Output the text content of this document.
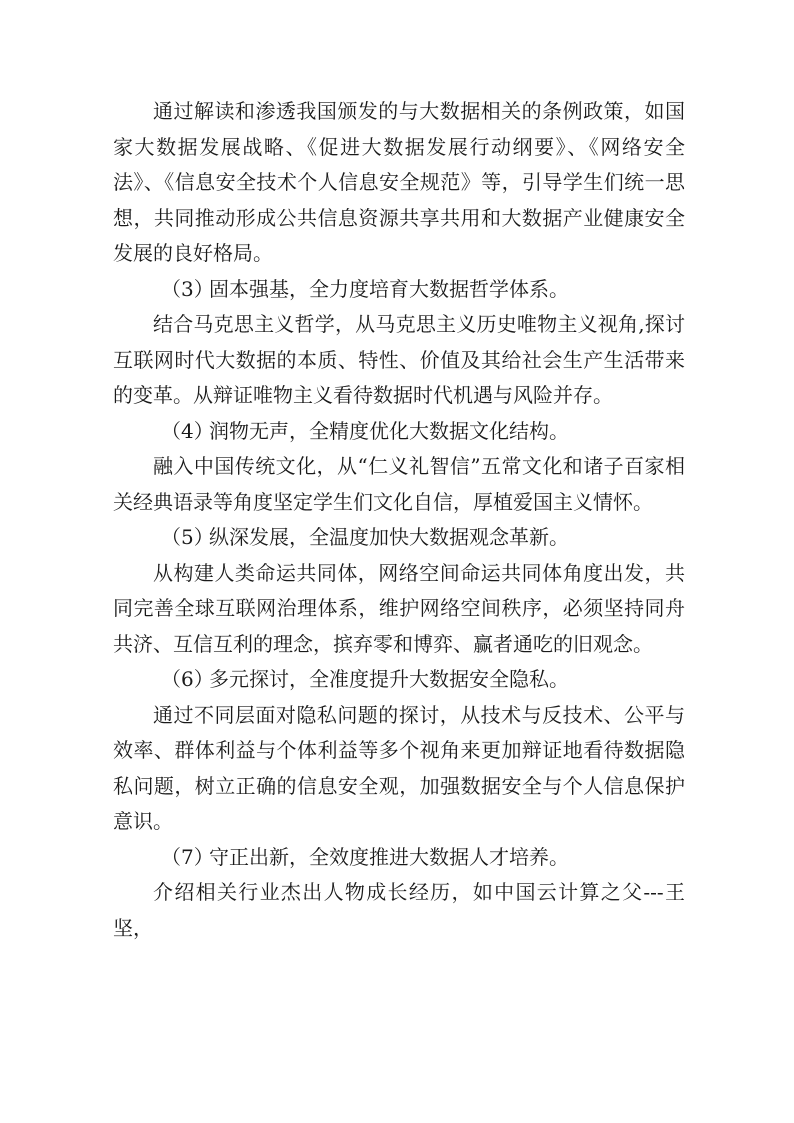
通过解读和渗透我国颁发的与大数据相关的条例政策，如国家大数据发展战略、《促进大数据发展行动纲要》、《网络安全法》、《信息安全技术个人信息安全规范》等，引导学生们统一思想，共同推动形成公共信息资源共享共用和大数据产业健康安全发展的良好格局。

（3）固本强基，全力度培育大数据哲学体系。

结合马克思主义哲学，从马克思主义历史唯物主义视角,探讨互联网时代大数据的本质、特性、价值及其给社会生产生活带来的变革。从辩证唯物主义看待数据时代机遇与风险并存。

（4）润物无声，全精度优化大数据文化结构。

融入中国传统文化，从“仁义礼智信”五常文化和诸子百家相关经典语录等角度坚定学生们文化自信，厚植爱国主义情怀。

（5）纵深发展，全温度加快大数据观念革新。

从构建人类命运共同体，网络空间命运共同体角度出发，共同完善全球互联网治理体系，维护网络空间秩序，必须坚持同舟共济、互信互利的理念，摈弃零和博弈、赢者通吃的旧观念。

（6）多元探讨，全准度提升大数据安全隐私。

通过不同层面对隐私问题的探讨，从技术与反技术、公平与效率、群体利益与个体利益等多个视角来更加辩证地看待数据隐私问题，树立正确的信息安全观，加强数据安全与个人信息保护意识。

（7）守正出新，全效度推进大数据人才培养。

介绍相关行业杰出人物成长经历，如中国云计算之父---王坚，
